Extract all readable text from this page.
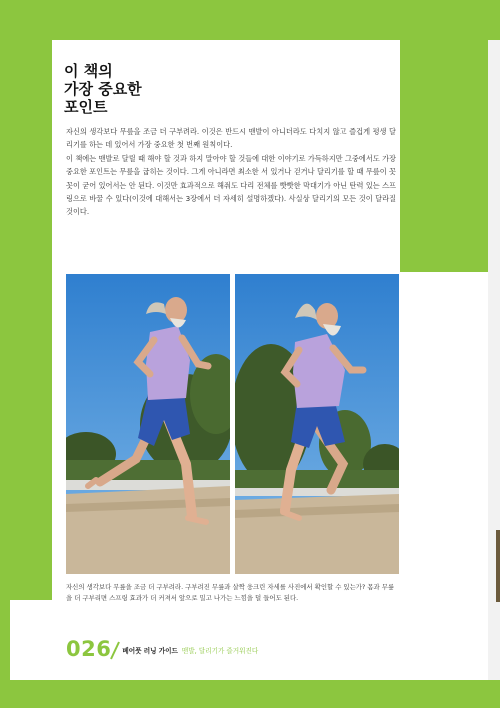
이 책의
가장 중요한
포인트

자신의 생각보다 무릎을 조금 더 구부려라. 이것은 반드시 맨발이 아니더라도 다치지 않고 즐겁게 평생 달리기를 하는 데 있어서 가장 중요한 첫 번째 원칙이다.

이 책에는 맨발로 달릴 때 해야 할 것과 하지 말아야 할 것들에 대한 이야기로 가득하지만 그중에서도 가장 중요한 포인트는 무릎을 굽히는 것이다. 그게 아니라면 최소한 서 있거나 걷거나 달리기를 할 때 무릎이 꼿꼿이 굳어 있어서는 안 된다. 이것만 효과적으로 해줘도 다리 전체를 빳빳한 막대기가 아닌 탄력 있는 스프링으로 바꿀 수 있다(이것에 대해서는 3장에서 더 자세히 설명하겠다). 사실상 달리기의 모든 것이 달라질 것이다.

자신의 생각보다 무릎을 조금 더 구부려라. 구부려진 무릎과 살짝 웅크린 자세를 사진에서 확인할 수 있는가? 몸과 무릎을 더 구부리면 스프링 효과가 더 커져서 앞으로 밀고 나가는 느낌을 덜 들어도 된다.
026 베어풋 러닝 가이드 맨발, 달리기가 즐거워진다
